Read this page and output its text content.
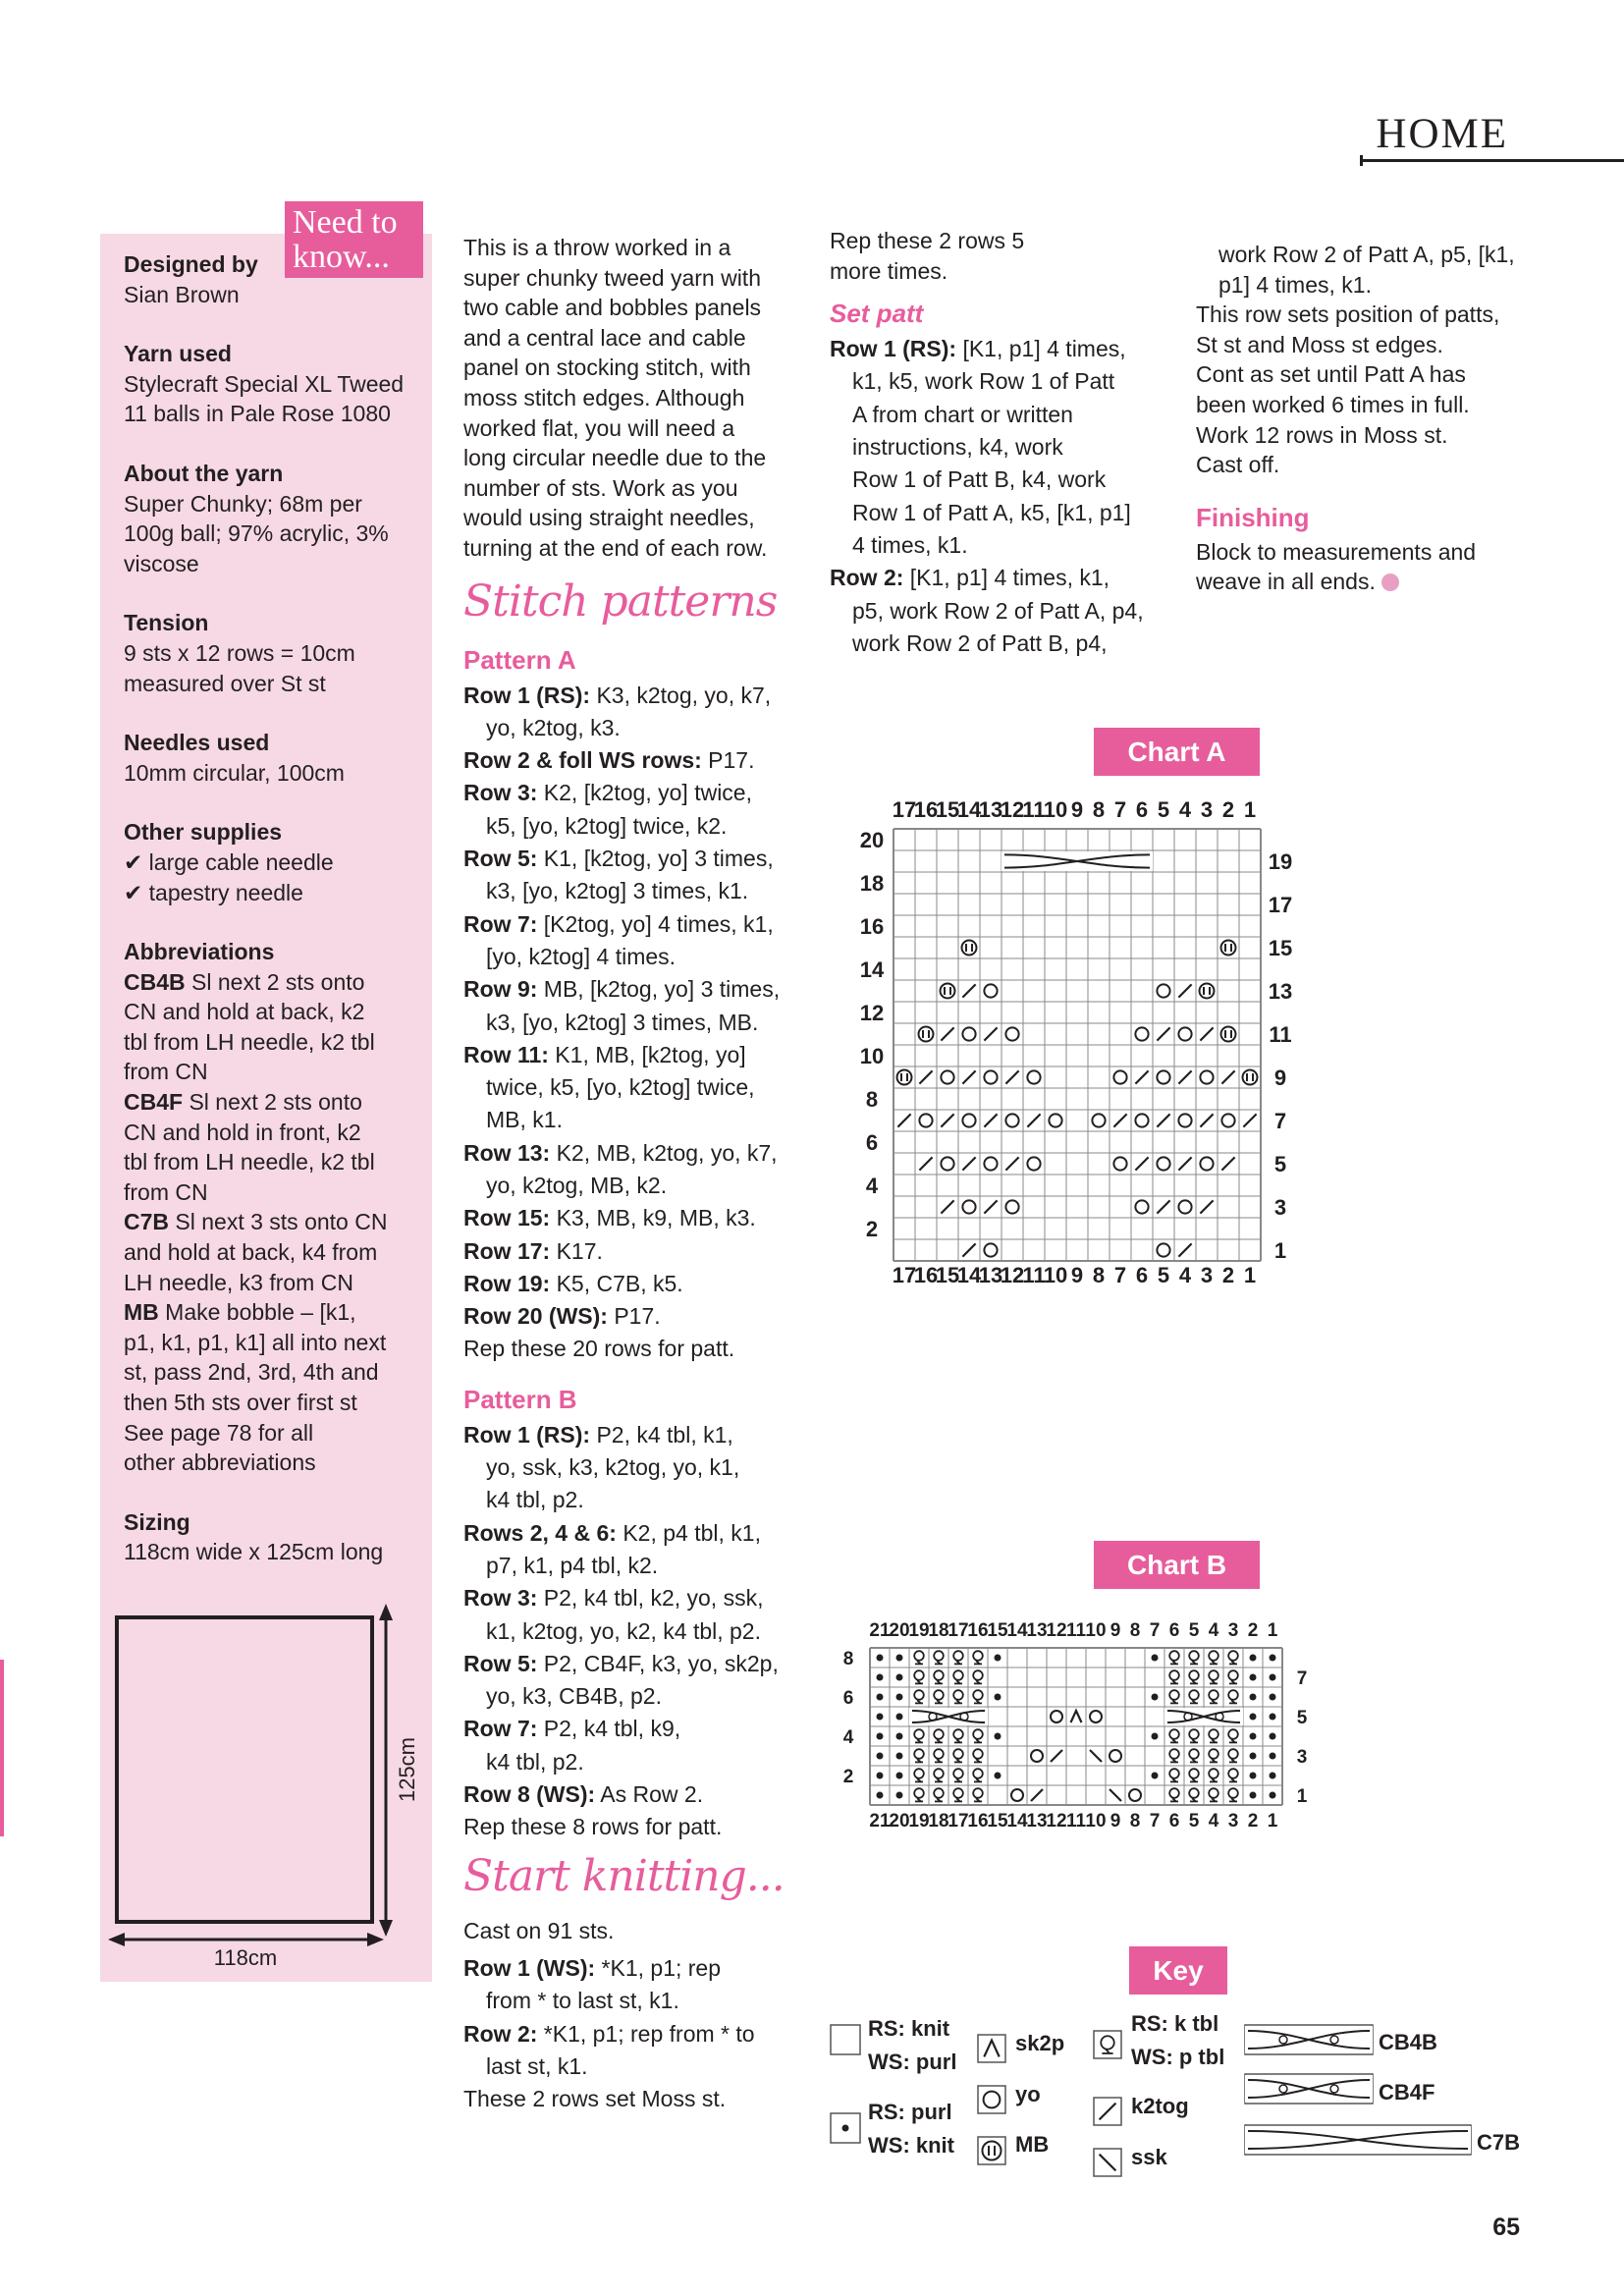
HOME
Need to
know...
Designed by
Sian Brown
Yarn used
Stylecraft Special XL Tweed
11 balls in Pale Rose 1080
About the yarn
Super Chunky; 68m per
100g ball; 97% acrylic, 3%
viscose
Tension
9 sts x 12 rows = 10cm
measured over St st
Needles used
10mm circular, 100cm
Other supplies
✔ large cable needle
✔ tapestry needle
Abbreviations
CB4B Sl next 2 sts onto
CN and hold at back, k2
tbl from LH needle, k2 tbl
from CN
CB4F Sl next 2 sts onto
CN and hold in front, k2
tbl from LH needle, k2 tbl
from CN
C7B Sl next 3 sts onto CN
and hold at back, k4 from
LH needle, k3 from CN
MB Make bobble – [k1,
p1, k1, p1, k1] all into next
st, pass 2nd, 3rd, 4th and
then 5th sts over first st
See page 78 for all
other abbreviations
Sizing
118cm wide x 125cm long
118cm
125cm

This is a throw worked in a

super chunky tweed yarn with

two cable and bobbles panels

and a central lace and cable

panel on stocking stitch, with

moss stitch edges. Although

worked flat, you will need a

long circular needle due to the

number of sts. Work as you

would using straight needles,

turning at the end of each row.

Stitch patterns
Pattern A
Row 1 (RS): K3, k2tog, yo, k7,
yo, k2tog, k3.
Row 2 & foll WS rows: P17.
Row 3: K2, [k2tog, yo] twice,
k5, [yo, k2tog] twice, k2.
Row 5: K1, [k2tog, yo] 3 times,
k3, [yo, k2tog] 3 times, k1.
Row 7: [K2tog, yo] 4 times, k1,
[yo, k2tog] 4 times.
Row 9: MB, [k2tog, yo] 3 times,
k3, [yo, k2tog] 3 times, MB.
Row 11: K1, MB, [k2tog, yo]
twice, k5, [yo, k2tog] twice,
MB, k1.
Row 13: K2, MB, k2tog, yo, k7,
yo, k2tog, MB, k2.
Row 15: K3, MB, k9, MB, k3.
Row 17: K17.
Row 19: K5, C7B, k5.
Row 20 (WS): P17.
Rep these 20 rows for patt.
Pattern B
Row 1 (RS): P2, k4 tbl, k1,
yo, ssk, k3, k2tog, yo, k1,
k4 tbl, p2.
Rows 2, 4 & 6: K2, p4 tbl, k1,
p7, k1, p4 tbl, k2.
Row 3: P2, k4 tbl, k2, yo, ssk,
k1, k2tog, yo, k2, k4 tbl, p2.
Row 5: P2, CB4F, k3, yo, sk2p,
yo, k3, CB4B, p2.
Row 7: P2, k4 tbl, k9,
k4 tbl, p2.
Row 8 (WS): As Row 2.
Rep these 8 rows for patt.
Start knitting...
Cast on 91 sts.
Row 1 (WS): *K1, p1; rep
from * to last st, k1.
Row 2: *K1, p1; rep from * to
last st, k1.
These 2 rows set Moss st.

Rep these 2 rows 5

more times.

Set patt
Row 1 (RS): [K1, p1] 4 times,
k1, k5, work Row 1 of Patt
A from chart or written
instructions, k4, work
Row 1 of Patt B, k4, work
Row 1 of Patt A, k5, [k1, p1]
4 times, k1.
Row 2: [K1, p1] 4 times, k1,
p5, work Row 2 of Patt A, p4,
work Row 2 of Patt B, p4,
work Row 2 of Patt A, p5, [k1,
p1] 4 times, k1.

This row sets position of patts,

St st and Moss st edges.

Cont as set until Patt A has

been worked 6 times in full.

Work 12 rows in Moss st.

Cast off.

Finishing

Block to measurements and

weave in all ends.

Chart A
17
17
16
16
15
15
14
14
13
13
12
12
11
11
10
10
9
9
8
8
7
7
6
6
5
5
4
4
3
3
2
2
1
1
20
18
16
14
12
10
8
6
4
2
19
17
15
13
11
9
7
5
3
1
Chart B
21
21
20
20
19
19
18
18
17
17
16
16
15
15
14
14
13
13
12
12
11
11
10
10
9
9
8
8
7
7
6
6
5
5
4
4
3
3
2
2
1
1
8
6
4
2
7
5
3
1
Key
RS: knit
WS: purl
RS: purl
WS: knit
sk2p
yo
MB
RS: k tbl
WS: p tbl
k2tog
ssk
CB4B
CB4F
C7B
65
